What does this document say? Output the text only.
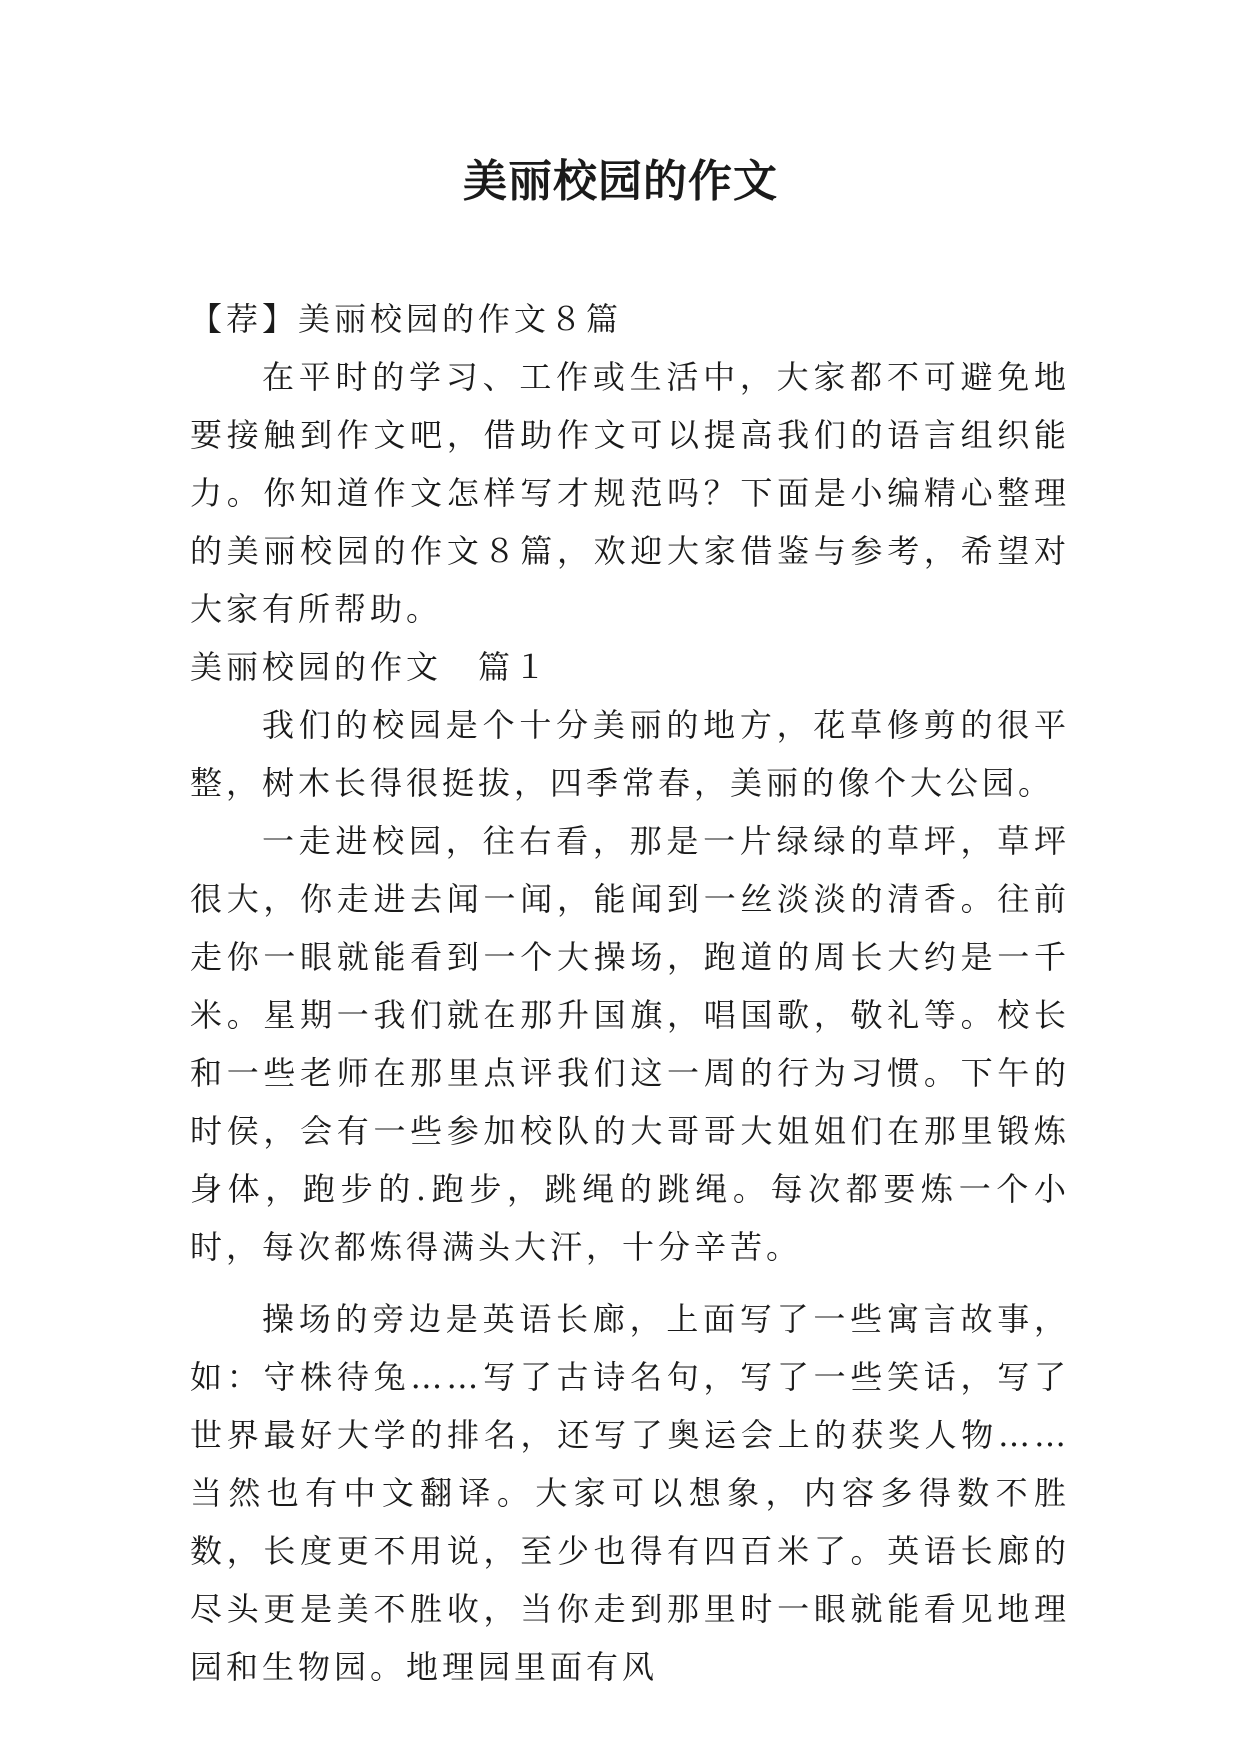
美丽校园的作文

【荐】美丽校园的作文８篇

在平时的学习、工作或生活中，大家都不可避免地要接触到作文吧，借助作文可以提高我们的语言组织能力。你知道作文怎样写才规范吗？下面是小编精心整理的美丽校园的作文８篇，欢迎大家借鉴与参考，希望对大家有所帮助。

美丽校园的作文　篇１

我们的校园是个十分美丽的地方，花草修剪的很平整，树木长得很挺拔，四季常春，美丽的像个大公园。

一走进校园，往右看，那是一片绿绿的草坪，草坪很大，你走进去闻一闻，能闻到一丝淡淡的清香。往前走你一眼就能看到一个大操场，跑道的周长大约是一千米。星期一我们就在那升国旗，唱国歌，敬礼等。校长和一些老师在那里点评我们这一周的行为习惯。下午的时侯，会有一些参加校队的大哥哥大姐姐们在那里锻炼身体，跑步的.跑步，跳绳的跳绳。每次都要炼一个小时，每次都炼得满头大汗，十分辛苦。

操场的旁边是英语长廊，上面写了一些寓言故事，如：守株待兔……写了古诗名句，写了一些笑话，写了世界最好大学的排名，还写了奥运会上的获奖人物……当然也有中文翻译。大家可以想象，内容多得数不胜数，长度更不用说，至少也得有四百米了。英语长廊的尽头更是美不胜收，当你走到那里时一眼就能看见地理园和生物园。地理园里面有风
